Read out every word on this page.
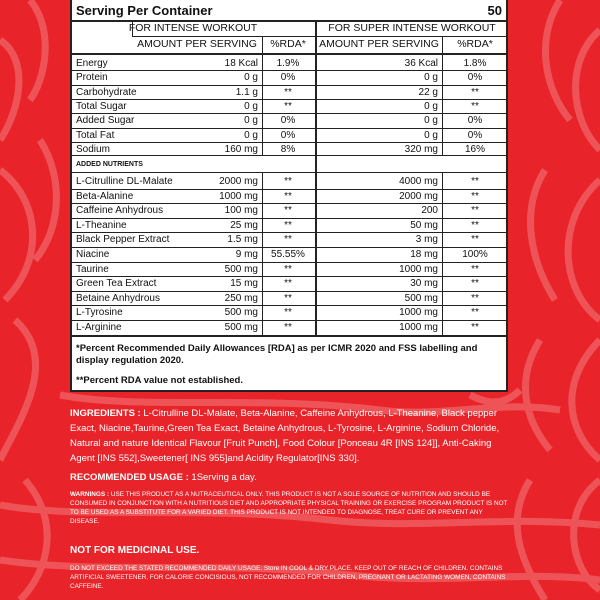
Serving Per Container	50
FOR INTENSE WORKOUT	FOR SUPER INTENSE WORKOUT
AMOUNT PER SERVING	%RDA*	AMOUNT PER SERVING	%RDA*
Energy	18 Kcal	1.9%	36 Kcal	1.8%
Protein	0 g	0%	0 g	0%
Carbohydrate	1.1 g	**	22 g	**
Total Sugar	0 g	**	0 g	**
Added Sugar	0 g	0%	0 g	0%
Total Fat	0 g	0%	0 g	0%
Sodium	160 mg	8%	320 mg	16%
L-Citrulline DL-Malate	2000 mg	**	4000 mg	**
Beta-Alanine	1000 mg	**	2000 mg	**
Caffeine Anhydrous	100 mg	**	200	**
L-Theanine	25 mg	**	50 mg	**
Black Pepper Extract	1.5 mg	**	3 mg	**
Niacine	9 mg	55.55%	18 mg	100%
Taurine	500 mg	**	1000 mg	**
Green Tea Extract	15 mg	**	30 mg	**
Betaine Anhydrous	250 mg	**	500 mg	**
L-Tyrosine	500 mg	**	1000 mg	**
L-Arginine	500 mg	**	1000 mg	**
ADDED NUTRIENTS
*Percent Recommended Daily Allowances [RDA] as per ICMR 2020 and FSS labelling and display regulation 2020.
**Percent RDA value not established.
INGREDIENTS : L-Citrulline DL-Malate, Beta-Alanine, Caffeine Anhydrous, L-Theanine, Black pepper Exact, Niacine,Taurine,Green Tea Exact, Betaine Anhydrous, L-Tyrosine, L-Arginine, Sodium Chloride, Natural and nature Identical Flavour [Fruit Punch], Food Colour [Ponceau 4R [INS 124]], Anti-Caking Agent [INS 552],Sweetener[ INS 955]and Acidity Regulator[INS 330].
RECOMMENDED USAGE : 1Serving a day.
WARNINGS : USE THIS PRODUCT AS A NUTRACEUTICAL ONLY. THIS PRODUCT IS NOT A SOLE SOURCE OF NUTRITION AND SHOULD BE CONSUMED IN CONJUNCTION WITH A NUTRITIOUS DIET AND APPROPRIATE PHYSICAL TRAINING OR EXERCISE PROGRAM PRODUCT IS NOT TO BE USED AS A SUBSTITUTE FOR A VARIED DIET. THIS PRODUCT IS NOT INTENDED TO DIAGNOSE, TREAT CURE OR PREVENT ANY DISEASE.
NOT FOR MEDICINAL USE.
DO NOT EXCEED THE STATED RECOMMENDED DAILY USAGE. Store IN COOL & DRY PLACE. KEEP OUT OF REACH OF CHILDREN. CONTAINS ARTIFICIAL SWEETENER, FOR CALORIE CONCISIOUS, NOT RECOMMENDED FOR CHILDREN, PREGNANT OR LACTATING WOMEN, CONTAINS CAFFEINE.
